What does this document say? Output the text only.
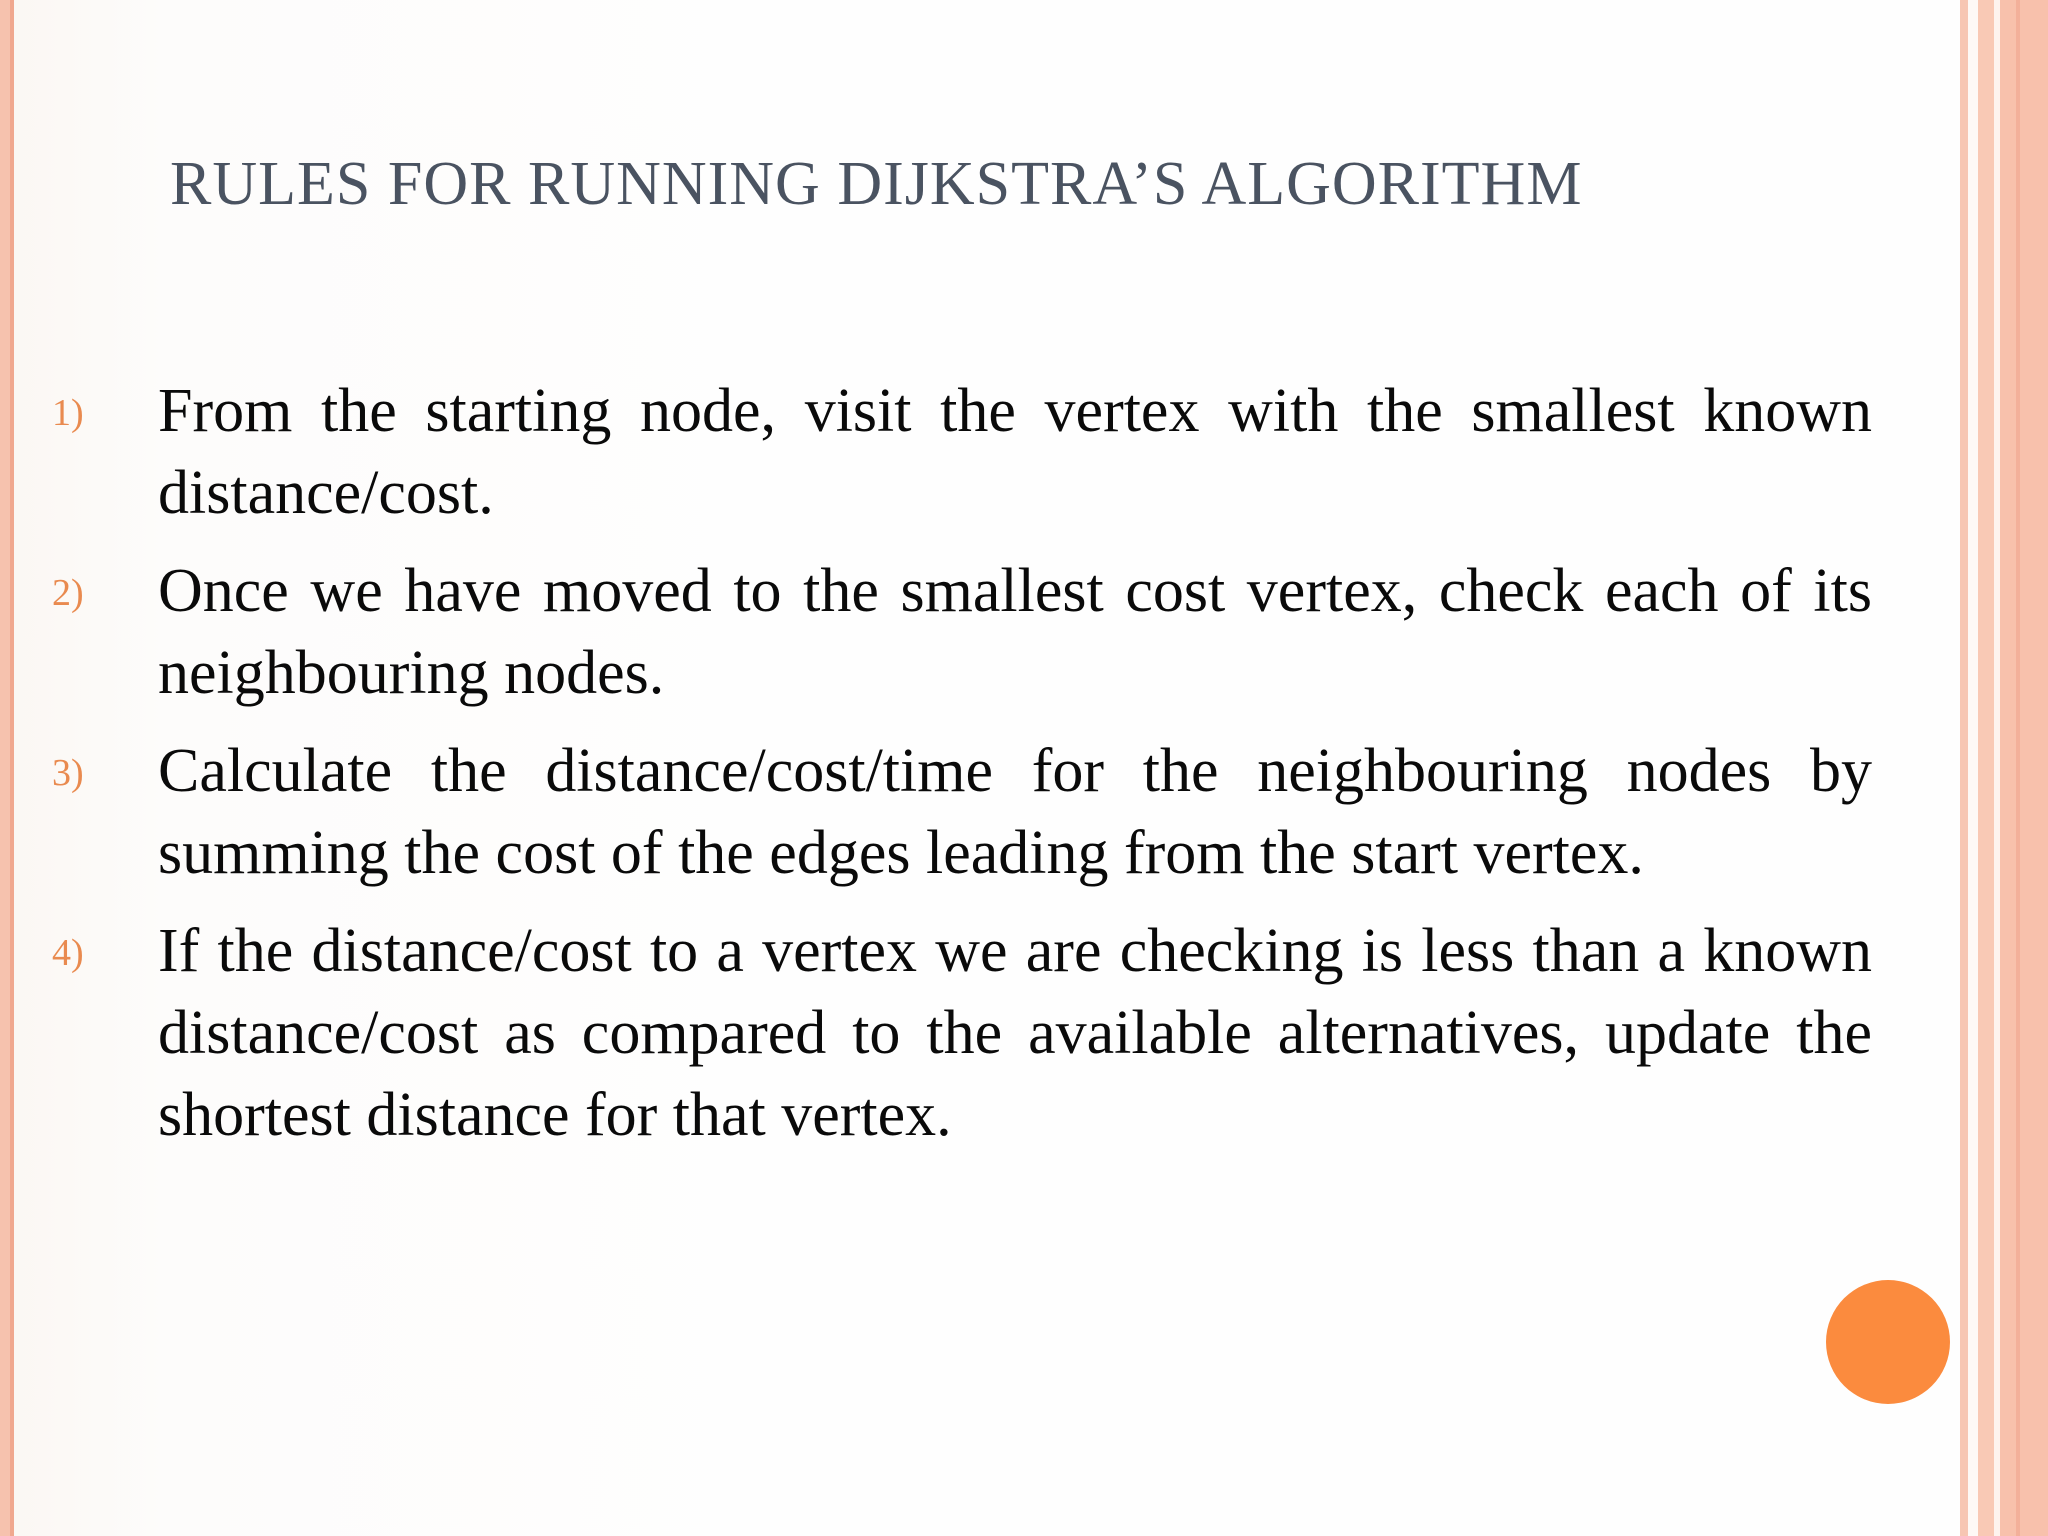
RULES FOR RUNNING DIJKSTRA’S ALGORITHM
1)	From the starting node, visit the vertex with the smallest known distance/cost.
2)	Once we have moved to the smallest cost vertex, check each of its neighbouring nodes.
3)	Calculate the distance/cost/time for the neighbouring nodes by summing the cost of the edges leading from the start vertex.
4)	If the distance/cost to a vertex we are checking is less than a known distance/cost as compared to the available alternatives, update the shortest distance for that vertex.
